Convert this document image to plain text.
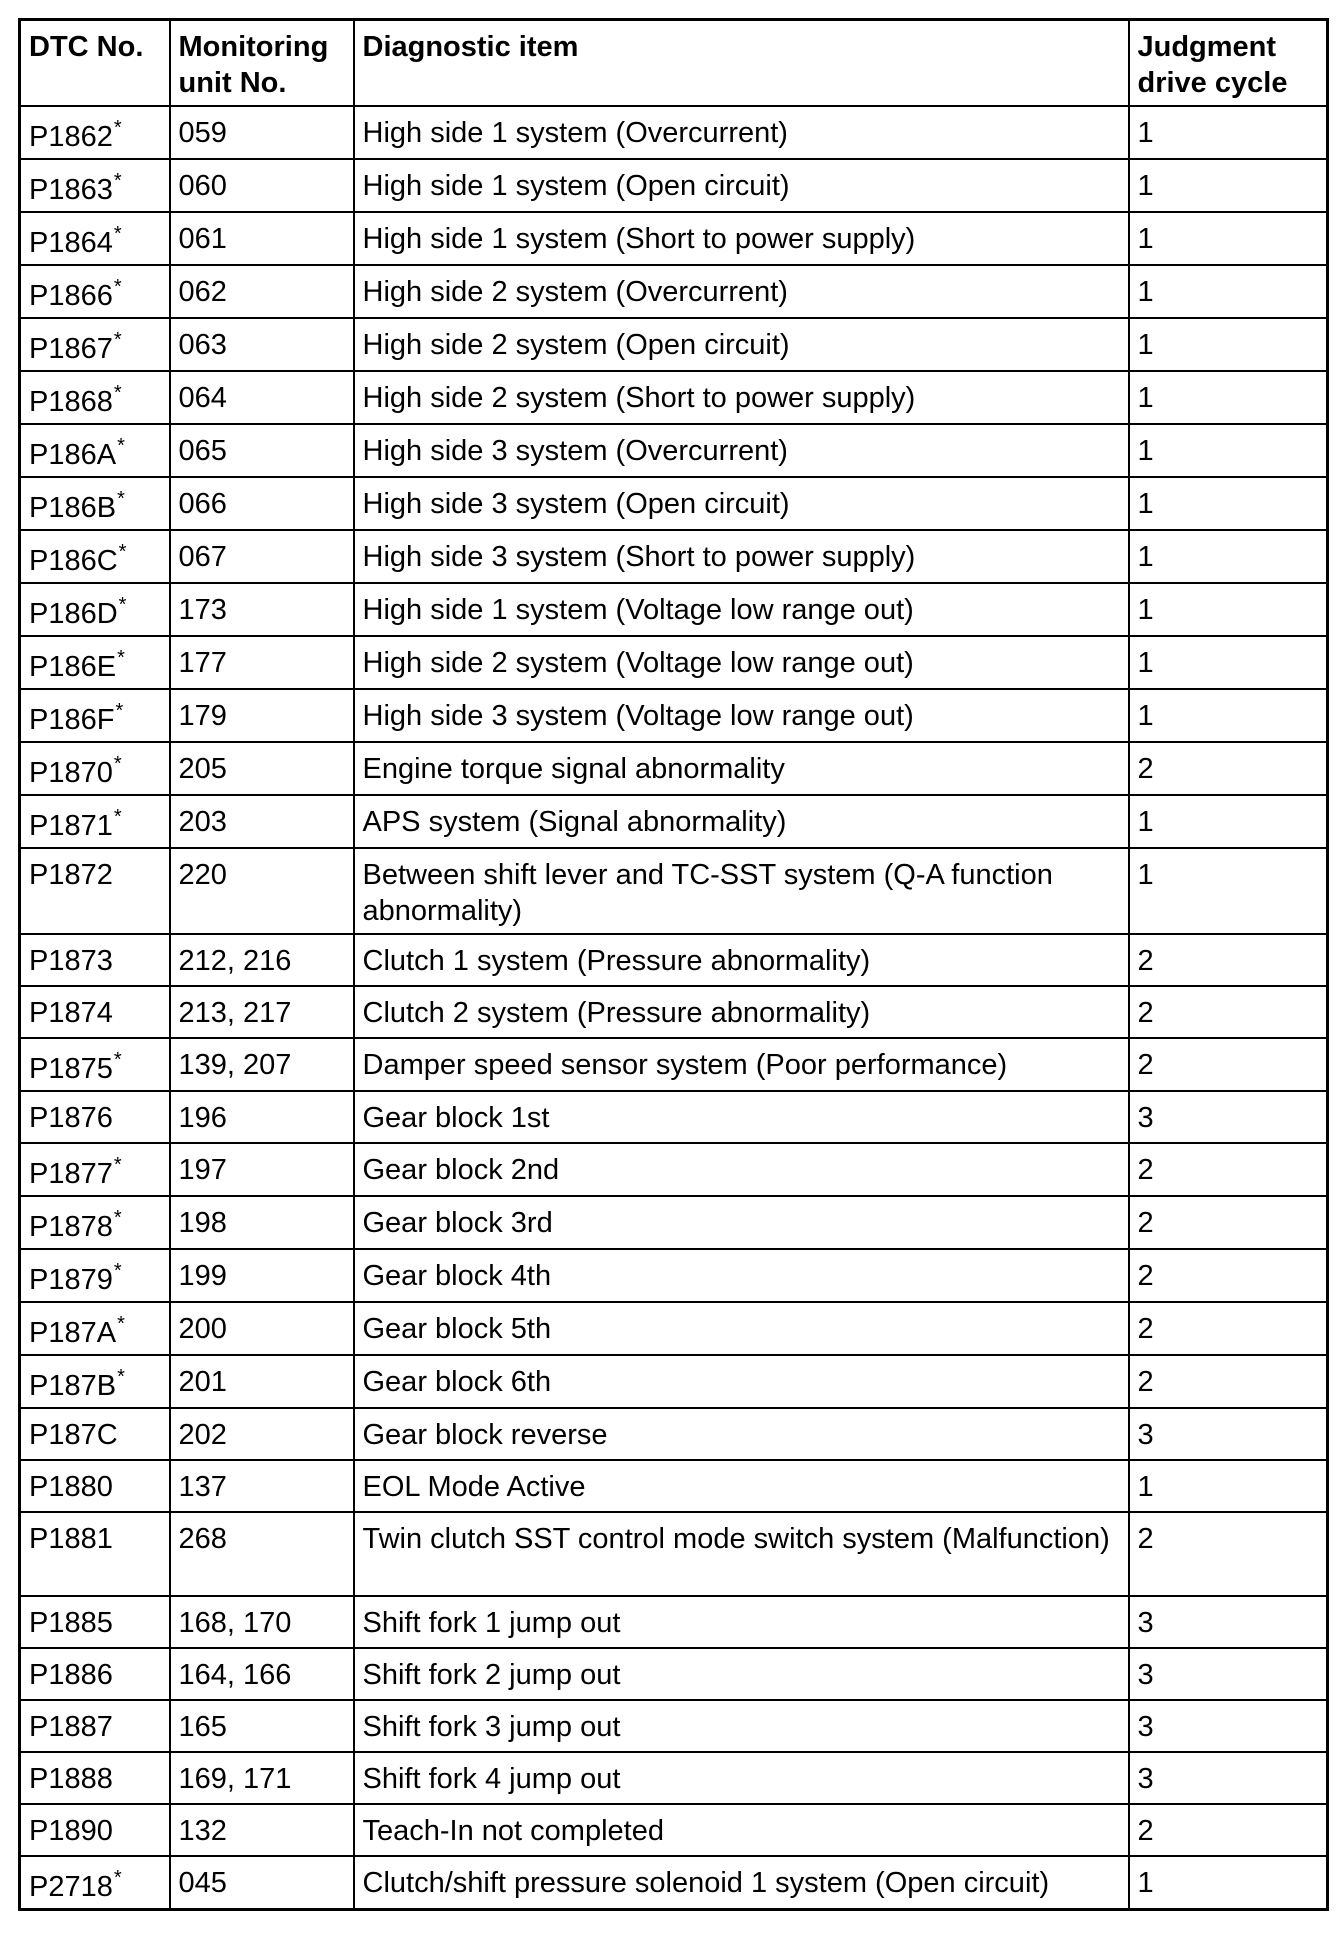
DTC No.	Monitoring unit No.	Diagnostic item	Judgment drive cycle
P1862*	059	High side 1 system (Overcurrent)	1
P1863*	060	High side 1 system (Open circuit)	1
P1864*	061	High side 1 system (Short to power supply)	1
P1866*	062	High side 2 system (Overcurrent)	1
P1867*	063	High side 2 system (Open circuit)	1
P1868*	064	High side 2 system (Short to power supply)	1
P186A*	065	High side 3 system (Overcurrent)	1
P186B*	066	High side 3 system (Open circuit)	1
P186C*	067	High side 3 system (Short to power supply)	1
P186D*	173	High side 1 system (Voltage low range out)	1
P186E*	177	High side 2 system (Voltage low range out)	1
P186F*	179	High side 3 system (Voltage low range out)	1
P1870*	205	Engine torque signal abnormality	2
P1871*	203	APS system (Signal abnormality)	1
P1872	220	Between shift lever and TC-SST system (Q-A function abnormality)	1
P1873	212, 216	Clutch 1 system (Pressure abnormality)	2
P1874	213, 217	Clutch 2 system (Pressure abnormality)	2
P1875*	139, 207	Damper speed sensor system (Poor performance)	2
P1876	196	Gear block 1st	3
P1877*	197	Gear block 2nd	2
P1878*	198	Gear block 3rd	2
P1879*	199	Gear block 4th	2
P187A*	200	Gear block 5th	2
P187B*	201	Gear block 6th	2
P187C	202	Gear block reverse	3
P1880	137	EOL Mode Active	1
P1881	268	Twin clutch SST control mode switch system (Malfunction)	2
P1885	168, 170	Shift fork 1 jump out	3
P1886	164, 166	Shift fork 2 jump out	3
P1887	165	Shift fork 3 jump out	3
P1888	169, 171	Shift fork 4 jump out	3
P1890	132	Teach-In not completed	2
P2718*	045	Clutch/shift pressure solenoid 1 system (Open circuit)	1
